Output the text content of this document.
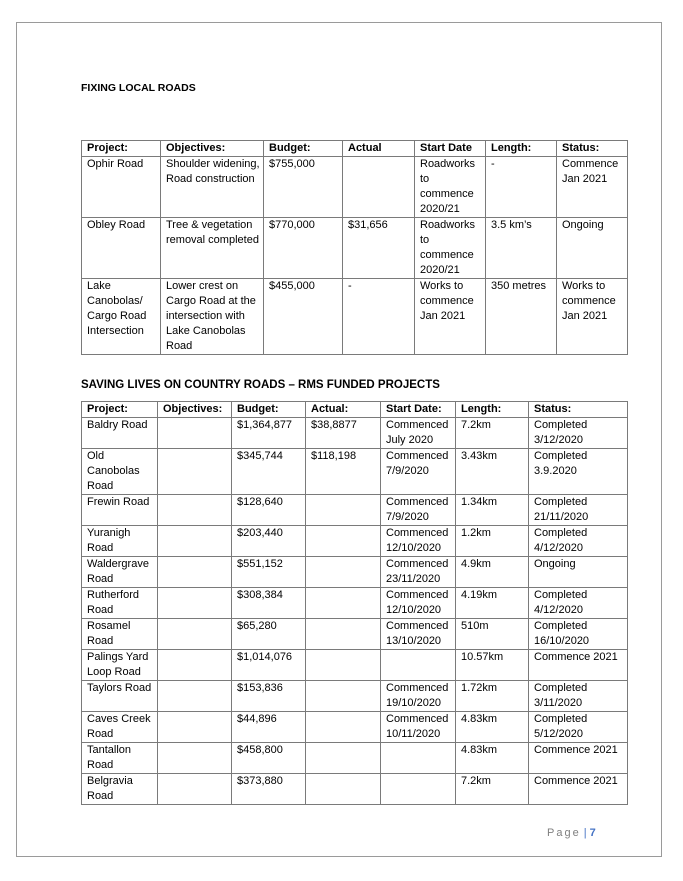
FIXING LOCAL ROADS
Project:	Objectives:	Budget:	Actual	Start Date	Length:	Status:
Ophir Road	Shoulder widening, Road construction	$755,000		Roadworks to commence 2020/21	-	Commence Jan 2021
Obley Road	Tree & vegetation removal completed	$770,000	$31,656	Roadworks to commence 2020/21	3.5 km’s	Ongoing
Lake Canobolas/ Cargo Road Intersection	Lower crest on Cargo Road at the intersection with Lake Canobolas Road	$455,000	-	Works to commence Jan 2021	350 metres	Works to commence Jan 2021
SAVING LIVES ON COUNTRY ROADS – RMS FUNDED PROJECTS
Project:	Objectives:	Budget:	Actual:	Start Date:	Length:	Status:
Baldry Road		$1,364,877	$38,8877	Commenced July 2020	7.2km	Completed 3/12/2020
Old Canobolas Road		$345,744	$118,198	Commenced 7/9/2020	3.43km	Completed 3.9.2020
Frewin Road		$128,640		Commenced 7/9/2020	1.34km	Completed 21/11/2020
Yuranigh Road		$203,440		Commenced 12/10/2020	1.2km	Completed 4/12/2020
Waldergrave Road		$551,152		Commenced 23/11/2020	4.9km	Ongoing
Rutherford Road		$308,384		Commenced 12/10/2020	4.19km	Completed 4/12/2020
Rosamel Road		$65,280		Commenced 13/10/2020	510m	Completed 16/10/2020
Palings Yard Loop Road		$1,014,076			10.57km	Commence 2021
Taylors Road		$153,836		Commenced 19/10/2020	1.72km	Completed 3/11/2020
Caves Creek Road		$44,896		Commenced 10/11/2020	4.83km	Completed 5/12/2020
Tantallon Road		$458,800			4.83km	Commence 2021
Belgravia Road		$373,880			7.2km	Commence 2021
Page | 7
